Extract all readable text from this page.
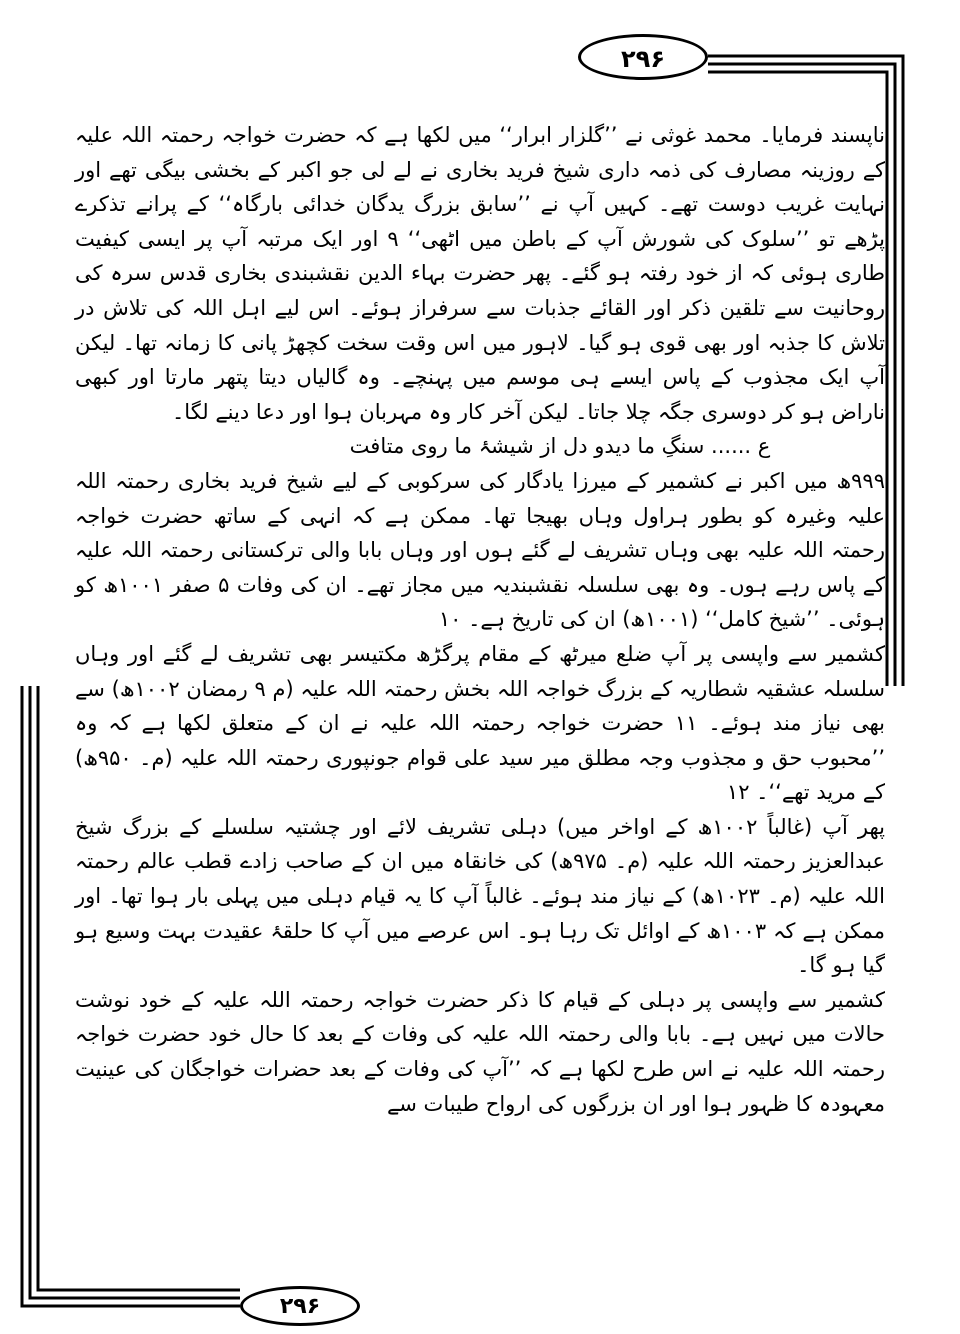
۲۹۶

ناپسند فرمایا۔ محمد غوثی نے ’’گلزار ابرار‘‘ میں لکھا ہے کہ حضرت خواجہ رحمتہ اللہ علیہ کے روزینہ مصارف کی ذمہ داری شیخ فرید بخاری نے لے لی جو اکبر کے بخشی بیگی تھے اور نہایت غریب دوست تھے۔ کہیں آپ نے ’’سابق بزرگ یدگان خدائی بارگاہ‘‘ کے پرانے تذکرے پڑھے تو ’’سلوک کی شورش آپ کے باطن میں اٹھی‘‘ ۹ اور ایک مرتبہ آپ پر ایسی کیفیت طاری ہوئی کہ از خود رفتہ ہو گئے۔ پھر حضرت بہاء الدین نقشبندی بخاری قدس سرہ کی روحانیت سے تلقین ذکر اور القائے جذبات سے سرفراز ہوئے۔ اس لیے اہل اللہ کی تلاش در تلاش کا جذبہ اور بھی قوی ہو گیا۔ لاہور میں اس وقت سخت کچھڑ پانی کا زمانہ تھا۔ لیکن آپ ایک مجذوب کے پاس ایسے ہی موسم میں پہنچے۔ وہ گالیاں دیتا پتھر مارتا اور کبھی ناراض ہو کر دوسری جگہ چلا جاتا۔ لیکن آخر کار وہ مہربان ہوا اور دعا دینے لگا۔

ع ...... سنگِ ما دیدو دل از شیشۂ ما روی متافت

۹۹۹ھ میں اکبر نے کشمیر کے میرزا یادگار کی سرکوبی کے لیے شیخ فرید بخاری رحمتہ اللہ علیہ وغیرہ کو بطور ہراول وہاں بھیجا تھا۔ ممکن ہے کہ انہی کے ساتھ حضرت خواجہ رحمتہ اللہ علیہ بھی وہاں تشریف لے گئے ہوں اور وہاں بابا والی ترکستانی رحمتہ اللہ علیہ کے پاس رہے ہوں۔ وہ بھی سلسلہ نقشبندیہ میں مجاز تھے۔ ان کی وفات ۵ صفر ۱۰۰۱ھ کو ہوئی۔ ’’شیخ کامل‘‘ (۱۰۰۱ھ) ان کی تاریخ ہے۔ ۱۰

کشمیر سے واپسی پر آپ ضلع میرٹھ کے مقام پرگڑھ مکتیسر بھی تشریف لے گئے اور وہاں سلسلہ عشقیہ شطاریہ کے بزرگ خواجہ اللہ بخش رحمتہ اللہ علیہ (م ۹ رمضان ۱۰۰۲ھ) سے بھی نیاز مند ہوئے۔ ۱۱ حضرت خواجہ رحمتہ اللہ علیہ نے ان کے متعلق لکھا ہے کہ وہ ’’محبوب حق و مجذوب وجہ مطلق میر سید علی قوام جونپوری رحمتہ اللہ علیہ (م۔ ۹۵۰ھ) کے مرید تھے‘‘۔ ۱۲

پھر آپ (غالباً ۱۰۰۲ھ کے اواخر میں) دہلی تشریف لائے اور چشتیہ سلسلے کے بزرگ شیخ عبدالعزیز رحمتہ اللہ علیہ (م۔ ۹۷۵ھ) کی خانقاہ میں ان کے صاحب زادے قطب عالم رحمتہ اللہ علیہ (م۔ ۱۰۲۳ھ) کے نیاز مند ہوئے۔ غالباً آپ کا یہ قیام دہلی میں پہلی بار ہوا تھا۔ اور ممکن ہے کہ ۱۰۰۳ھ کے اوائل تک رہا ہو۔ اس عرصے میں آپ کا حلقۂ عقیدت بہت وسیع ہو گیا ہو گا۔

کشمیر سے واپسی پر دہلی کے قیام کا ذکر حضرت خواجہ رحمتہ اللہ علیہ کے خود نوشت حالات میں نہیں ہے۔ بابا والی رحمتہ اللہ علیہ کی وفات کے بعد کا حال خود حضرت خواجہ رحمتہ اللہ علیہ نے اس طرح لکھا ہے کہ ’’آپ کی وفات کے بعد حضرات خواجگان کی عینیت معہودہ کا ظہور ہوا اور ان بزرگوں کی ارواح طیبات سے

۲۹۶
